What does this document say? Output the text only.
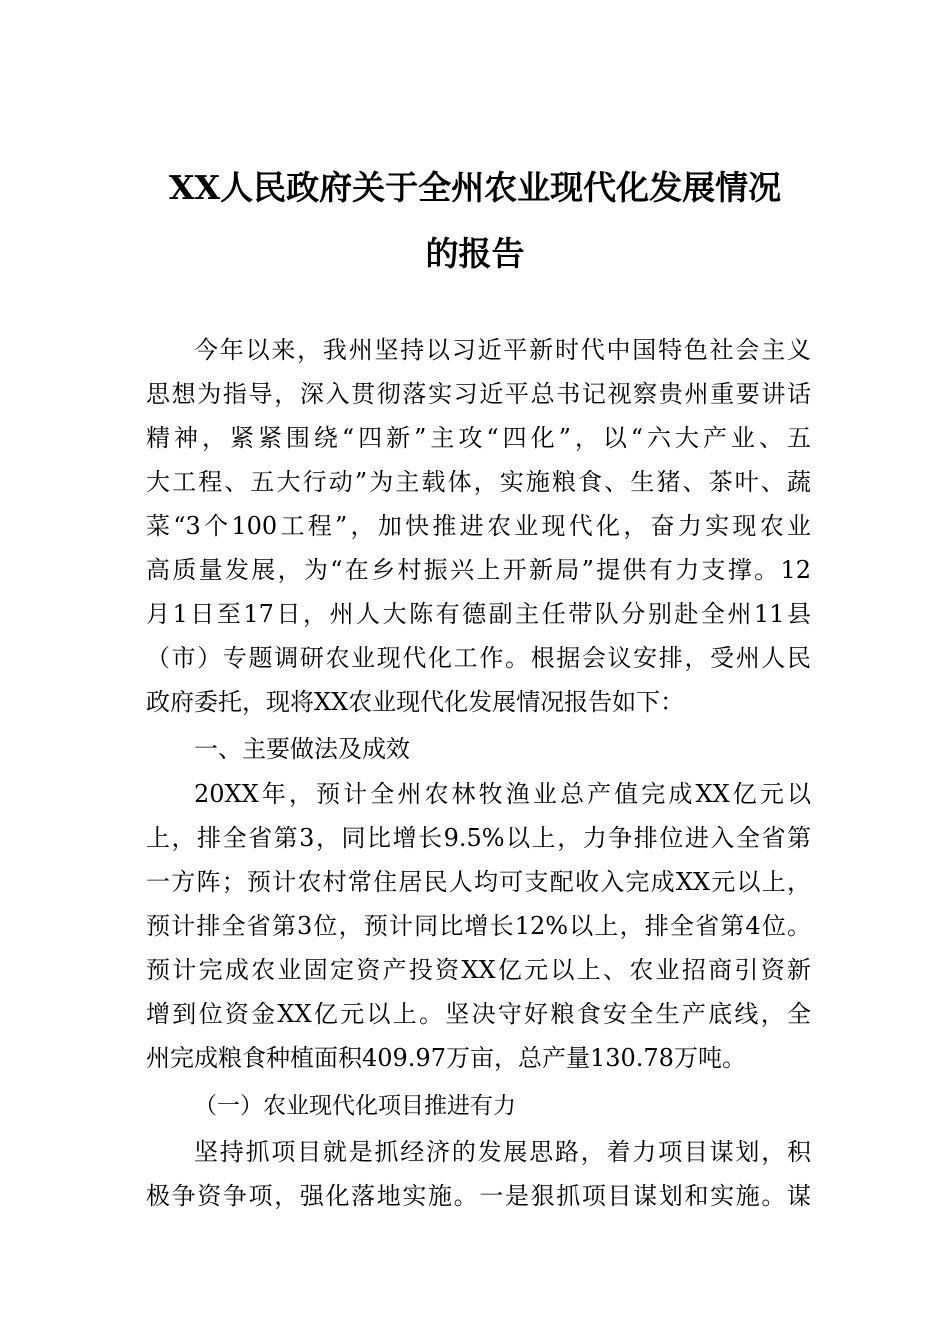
XX人民政府关于全州农业现代化发展情况
的报告
今年以来，我州坚持以习近平新时代中国特色社会主义
思想为指导，深入贯彻落实习近平总书记视察贵州重要讲话
精神，紧紧围绕“四新”主攻“四化”，以“六大产业、五
大工程、五大行动”为主载体，实施粮食、生猪、茶叶、蔬
菜“3个100工程”，加快推进农业现代化，奋力实现农业
高质量发展，为“在乡村振兴上开新局”提供有力支撑。12
月1日至17日，州人大陈有德副主任带队分别赴全州11县
（市）专题调研农业现代化工作。根据会议安排，受州人民
政府委托，现将XX农业现代化发展情况报告如下：
一、主要做法及成效
20XX年，预计全州农林牧渔业总产值完成XX亿元以
上，排全省第3，同比增长9.5%以上，力争排位进入全省第
一方阵；预计农村常住居民人均可支配收入完成XX元以上，
预计排全省第3位，预计同比增长12%以上，排全省第4位。
预计完成农业固定资产投资XX亿元以上、农业招商引资新
增到位资金XX亿元以上。坚决守好粮食安全生产底线，全
州完成粮食种植面积409.97万亩，总产量130.78万吨。
（一）农业现代化项目推进有力
坚持抓项目就是抓经济的发展思路，着力项目谋划，积
极争资争项，强化落地实施。一是狠抓项目谋划和实施。谋
